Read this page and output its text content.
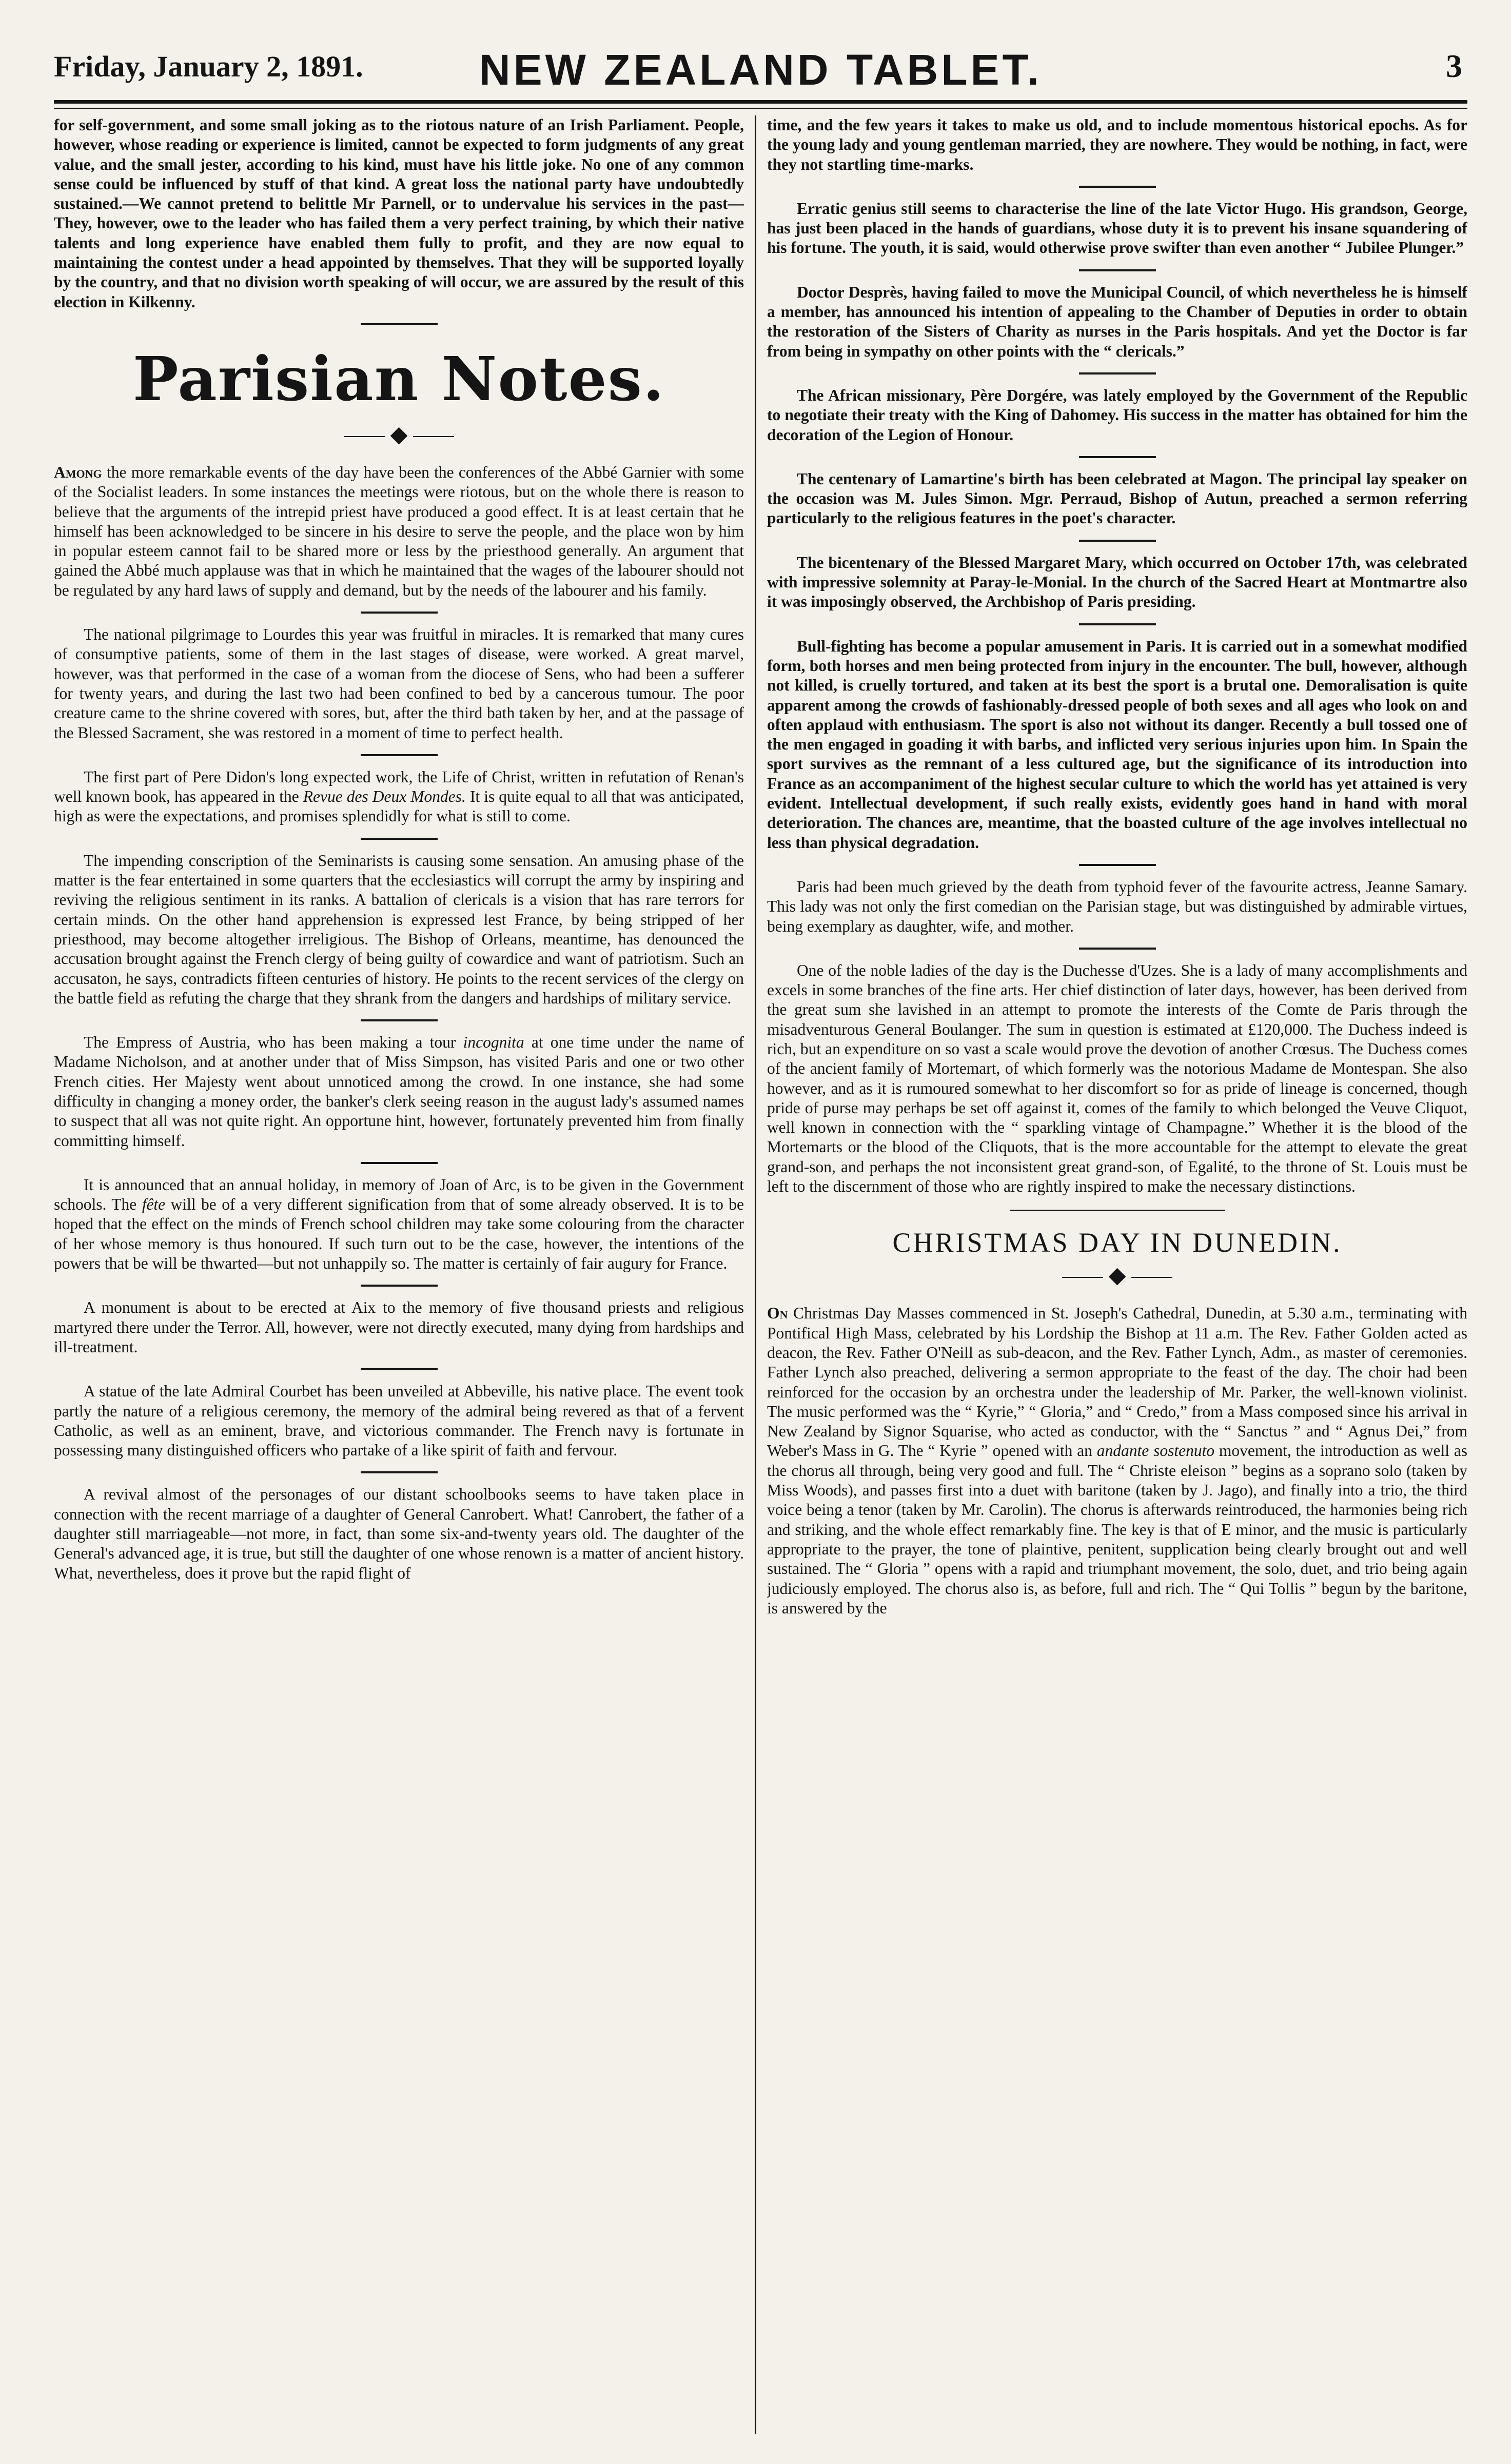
Friday, January 2, 1891.	NEW ZEALAND TABLET.	3

for self-government, and some small joking as to the riotous nature of an Irish Parliament. People, however, whose reading or experience is limited, cannot be expected to form judgments of any great value, and the small jester, according to his kind, must have his little joke. No one of any common sense could be influenced by stuff of that kind. A great loss the national party have undoubtedly sustained.—We cannot pretend to belittle Mr Parnell, or to undervalue his services in the past—They, however, owe to the leader who has failed them a very perfect training, by which their native talents and long experience have enabled them fully to profit, and they are now equal to maintaining the contest under a head appointed by themselves. That they will be supported loyally by the country, and that no division worth speaking of will occur, we are assured by the result of this election in Kilkenny.

Parisian Notes.
◆

Among the more remarkable events of the day have been the conferences of the Abbé Garnier with some of the Socialist leaders. In some instances the meetings were riotous, but on the whole there is reason to believe that the arguments of the intrepid priest have produced a good effect. It is at least certain that he himself has been acknowledged to be sincere in his desire to serve the people, and the place won by him in popular esteem cannot fail to be shared more or less by the priesthood generally. An argument that gained the Abbé much applause was that in which he maintained that the wages of the labourer should not be regulated by any hard laws of supply and demand, but by the needs of the labourer and his family.

The national pilgrimage to Lourdes this year was fruitful in miracles. It is remarked that many cures of consumptive patients, some of them in the last stages of disease, were worked. A great marvel, however, was that performed in the case of a woman from the diocese of Sens, who had been a sufferer for twenty years, and during the last two had been confined to bed by a cancerous tumour. The poor creature came to the shrine covered with sores, but, after the third bath taken by her, and at the passage of the Blessed Sacrament, she was restored in a moment of time to perfect health.

The first part of Pere Didon's long expected work, the Life of Christ, written in refutation of Renan's well known book, has appeared in the Revue des Deux Mondes. It is quite equal to all that was anticipated, high as were the expectations, and promises splendidly for what is still to come.

The impending conscription of the Seminarists is causing some sensation. An amusing phase of the matter is the fear entertained in some quarters that the ecclesiastics will corrupt the army by inspiring and reviving the religious sentiment in its ranks. A battalion of clericals is a vision that has rare terrors for certain minds. On the other hand apprehension is expressed lest France, by being stripped of her priesthood, may become altogether irreligious. The Bishop of Orleans, meantime, has denounced the accusation brought against the French clergy of being guilty of cowardice and want of patriotism. Such an accusaton, he says, contradicts fifteen centuries of history. He points to the recent services of the clergy on the battle field as refuting the charge that they shrank from the dangers and hardships of military service.

The Empress of Austria, who has been making a tour incognita at one time under the name of Madame Nicholson, and at another under that of Miss Simpson, has visited Paris and one or two other French cities. Her Majesty went about unnoticed among the crowd. In one instance, she had some difficulty in changing a money order, the banker's clerk seeing reason in the august lady's assumed names to suspect that all was not quite right. An opportune hint, however, fortunately prevented him from finally committing himself.

It is announced that an annual holiday, in memory of Joan of Arc, is to be given in the Government schools. The fête will be of a very different signification from that of some already observed. It is to be hoped that the effect on the minds of French school children may take some colouring from the character of her whose memory is thus honoured. If such turn out to be the case, however, the intentions of the powers that be will be thwarted—but not unhappily so. The matter is certainly of fair augury for France.

A monument is about to be erected at Aix to the memory of five thousand priests and religious martyred there under the Terror. All, however, were not directly executed, many dying from hardships and ill-treatment.

A statue of the late Admiral Courbet has been unveiled at Abbeville, his native place. The event took partly the nature of a religious ceremony, the memory of the admiral being revered as that of a fervent Catholic, as well as an eminent, brave, and victorious commander. The French navy is fortunate in possessing many distinguished officers who partake of a like spirit of faith and fervour.

A revival almost of the personages of our distant schoolbooks seems to have taken place in connection with the recent marriage of a daughter of General Canrobert. What! Canrobert, the father of a daughter still marriageable—not more, in fact, than some six-and-twenty years old. The daughter of the General's advanced age, it is true, but still the daughter of one whose renown is a matter of ancient history. What, nevertheless, does it prove but the rapid flight of

time, and the few years it takes to make us old, and to include momentous historical epochs. As for the young lady and young gentleman married, they are nowhere. They would be nothing, in fact, were they not startling time-marks.

Erratic genius still seems to characterise the line of the late Victor Hugo. His grandson, George, has just been placed in the hands of guardians, whose duty it is to prevent his insane squandering of his fortune. The youth, it is said, would otherwise prove swifter than even another “ Jubilee Plunger.”

Doctor Desprès, having failed to move the Municipal Council, of which nevertheless he is himself a member, has announced his intention of appealing to the Chamber of Deputies in order to obtain the restoration of the Sisters of Charity as nurses in the Paris hospitals. And yet the Doctor is far from being in sympathy on other points with the “ clericals.”

The African missionary, Père Dorgére, was lately employed by the Government of the Republic to negotiate their treaty with the King of Dahomey. His success in the matter has obtained for him the decoration of the Legion of Honour.

The centenary of Lamartine's birth has been celebrated at Magon. The principal lay speaker on the occasion was M. Jules Simon. Mgr. Perraud, Bishop of Autun, preached a sermon referring particularly to the religious features in the poet's character.

The bicentenary of the Blessed Margaret Mary, which occurred on October 17th, was celebrated with impressive solemnity at Paray-le-Monial. In the church of the Sacred Heart at Montmartre also it was imposingly observed, the Archbishop of Paris presiding.

Bull-fighting has become a popular amusement in Paris. It is carried out in a somewhat modified form, both horses and men being protected from injury in the encounter. The bull, however, although not killed, is cruelly tortured, and taken at its best the sport is a brutal one. Demoralisation is quite apparent among the crowds of fashionably-dressed people of both sexes and all ages who look on and often applaud with enthusiasm. The sport is also not without its danger. Recently a bull tossed one of the men engaged in goading it with barbs, and inflicted very serious injuries upon him. In Spain the sport survives as the remnant of a less cultured age, but the significance of its introduction into France as an accompaniment of the highest secular culture to which the world has yet attained is very evident. Intellectual development, if such really exists, evidently goes hand in hand with moral deterioration. The chances are, meantime, that the boasted culture of the age involves intellectual no less than physical degradation.

Paris had been much grieved by the death from typhoid fever of the favourite actress, Jeanne Samary. This lady was not only the first comedian on the Parisian stage, but was distinguished by admirable virtues, being exemplary as daughter, wife, and mother.

One of the noble ladies of the day is the Duchesse d'Uzes. She is a lady of many accomplishments and excels in some branches of the fine arts. Her chief distinction of later days, however, has been derived from the great sum she lavished in an attempt to promote the interests of the Comte de Paris through the misadventurous General Boulanger. The sum in question is estimated at £120,000. The Duchess indeed is rich, but an expenditure on so vast a scale would prove the devotion of another Crœsus. The Duchess comes of the ancient family of Mortemart, of which formerly was the notorious Madame de Montespan. She also however, and as it is rumoured somewhat to her discomfort so for as pride of lineage is concerned, though pride of purse may perhaps be set off against it, comes of the family to which belonged the Veuve Cliquot, well known in connection with the “ sparkling vintage of Champagne.” Whether it is the blood of the Mortemarts or the blood of the Cliquots, that is the more accountable for the attempt to elevate the great grand-son, and perhaps the not inconsistent great grand-son, of Egalité, to the throne of St. Louis must be left to the discernment of those who are rightly inspired to make the necessary distinctions.

CHRISTMAS DAY IN DUNEDIN.
◆

On Christmas Day Masses commenced in St. Joseph's Cathedral, Dunedin, at 5.30 a.m., terminating with Pontifical High Mass, celebrated by his Lordship the Bishop at 11 a.m. The Rev. Father Golden acted as deacon, the Rev. Father O'Neill as sub-deacon, and the Rev. Father Lynch, Adm., as master of ceremonies. Father Lynch also preached, delivering a sermon appropriate to the feast of the day. The choir had been reinforced for the occasion by an orchestra under the leadership of Mr. Parker, the well-known violinist. The music performed was the “ Kyrie,” “ Gloria,” and “ Credo,” from a Mass composed since his arrival in New Zealand by Signor Squarise, who acted as conductor, with the “ Sanctus ” and “ Agnus Dei,” from Weber's Mass in G. The “ Kyrie ” opened with an andante sostenuto movement, the introduction as well as the chorus all through, being very good and full. The “ Christe eleison ” begins as a soprano solo (taken by Miss Woods), and passes first into a duet with baritone (taken by J. Jago), and finally into a trio, the third voice being a tenor (taken by Mr. Carolin). The chorus is afterwards reintroduced, the harmonies being rich and striking, and the whole effect remarkably fine. The key is that of E minor, and the music is particularly appropriate to the prayer, the tone of plaintive, penitent, supplication being clearly brought out and well sustained. The “ Gloria ” opens with a rapid and triumphant movement, the solo, duet, and trio being again judiciously employed. The chorus also is, as before, full and rich. The “ Qui Tollis ” begun by the baritone, is answered by the
